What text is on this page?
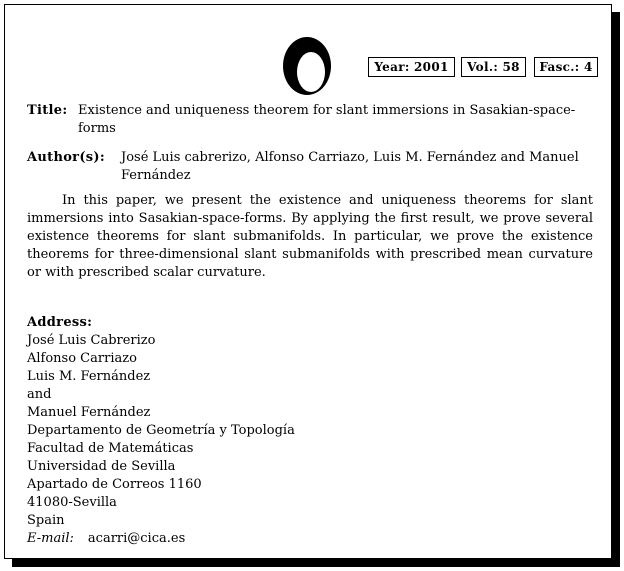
Year: 2001	Vol.: 58	Fasc.: 4
Title: Existence and uniqueness theorem for slant immersions in Sasakian-space-forms
Author(s): José Luis cabrerizo, Alfonso Carriazo, Luis M. Fernández and Manuel Fernández

In this paper, we present the existence and uniqueness theorems for slant immersions into Sasakian-space-forms. By applying the first result, we prove several existence theorems for slant submanifolds. In particular, we prove the existence theorems for three-dimensional slant submanifolds with prescribed mean curvature or with prescribed scalar curvature.

Address:
José Luis Cabrerizo
Alfonso Carriazo
Luis M. Fernández
and
Manuel Fernández
Departamento de Geometría y Topología
Facultad de Matemáticas
Universidad de Sevilla
Apartado de Correos 1160
41080-Sevilla
Spain
E-mail: acarri@cica.es
